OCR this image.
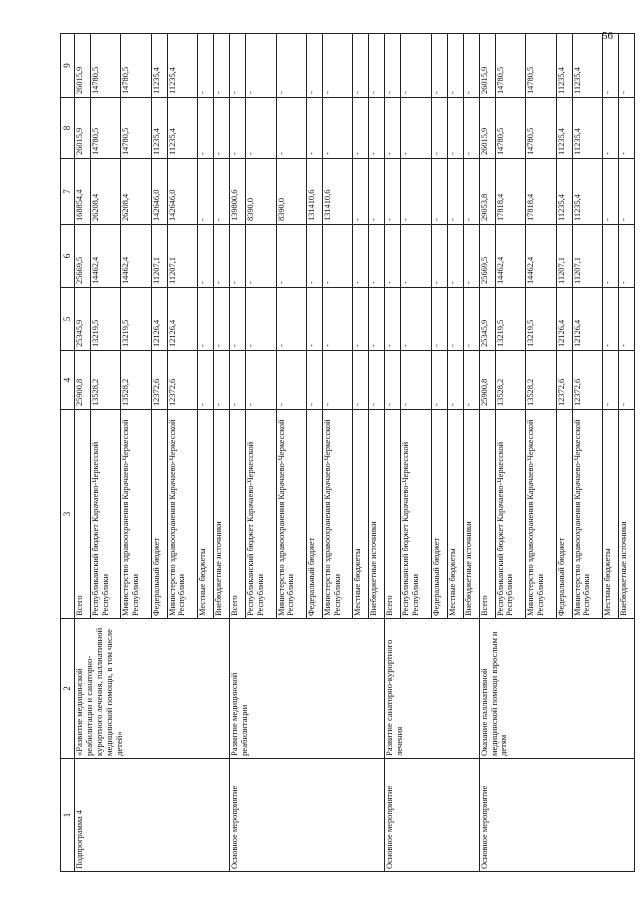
56
1	2	3	4	5	6	7	8	9
Подпрограмма 4	«Развитие медицинской реабилитации и санаторно-курортного лечения, паллиативной медицинской помощи, в том числе детей»	Всего	25900,8	25345,9	25669,5	168854,4	26015,9	26015,9
		Республиканский бюджет Карачаево-Черкесской Республики	13528,2	13219,5	14462,4	26208,4	14780,5	14780,5
		Министерство здравоохранения Карачаево-Черкесской Республики	13528,2	13219,5	14462,4	26208,4	14780,5	14780,5
		Федеральный бюджет	12372,6	12126,4	11207,1	142646,0	11235,4	11235,4
		Министерство здравоохранения Карачаево-Черкесской Республики	12372,6	12126,4	11207,1	142646,0	11235,4	11235,4
		Местные бюджеты	-	-	-	-	-	-
		Внебюджетные источники	-	-	-	-	-	-
Основное мероприятие	Развитие медицинской реабилитации	Всего	-	-	-	139800,6	-	-
		Республиканский бюджет Карачаево-Черкесской Республики	-	-	-	8390,0	-	-
		Министерство здравоохранения Карачаево-Черкесской Республики	-	-	-	8390,0	-	-
		Федеральный бюджет	-	-	-	131410,6	-	-
		Министерство здравоохранения Карачаево-Черкесской Республики	-	-	-	131410,6	-	-
		Местные бюджеты	-	-	-	-	-	-
		Внебюджетные источники	-	-	-	-	-	-
Основное мероприятие	Развитие санаторно-курортного лечения	Всего	-	-	-	-	-	-
		Республиканский бюджет Карачаево-Черкесской Республики	-	-	-	-	-	-
		Федеральный бюджет	-	-	-	-	-	-
		Местные бюджеты	-	-	-	-	-	-
		Внебюджетные источники	-	-	-	-	-	-
Основное мероприятие	Оказание паллиативной медицинской помощи взрослым и детям	Всего	25900,8	25345,9	25669,5	29053,8	26015,9	26015,9
		Республиканский бюджет Карачаево-Черкесской Республики	13528,2	13219,5	14462,4	17818,4	14780,5	14780,5
		Министерство здравоохранения Карачаево-Черкесской Республики	13528,2	13219,5	14462,4	17818,4	14780,5	14780,5
		Федеральный бюджет	12372,6	12126,4	11207,1	11235,4	11235,4	11235,4
		Министерство здравоохранения Карачаево-Черкесской Республики	12372,6	12126,4	11207,1	11235,4	11235,4	11235,4
		Местные бюджеты	-	-	-	-	-	-
		Внебюджетные источники	-	-	-	-	-	-
